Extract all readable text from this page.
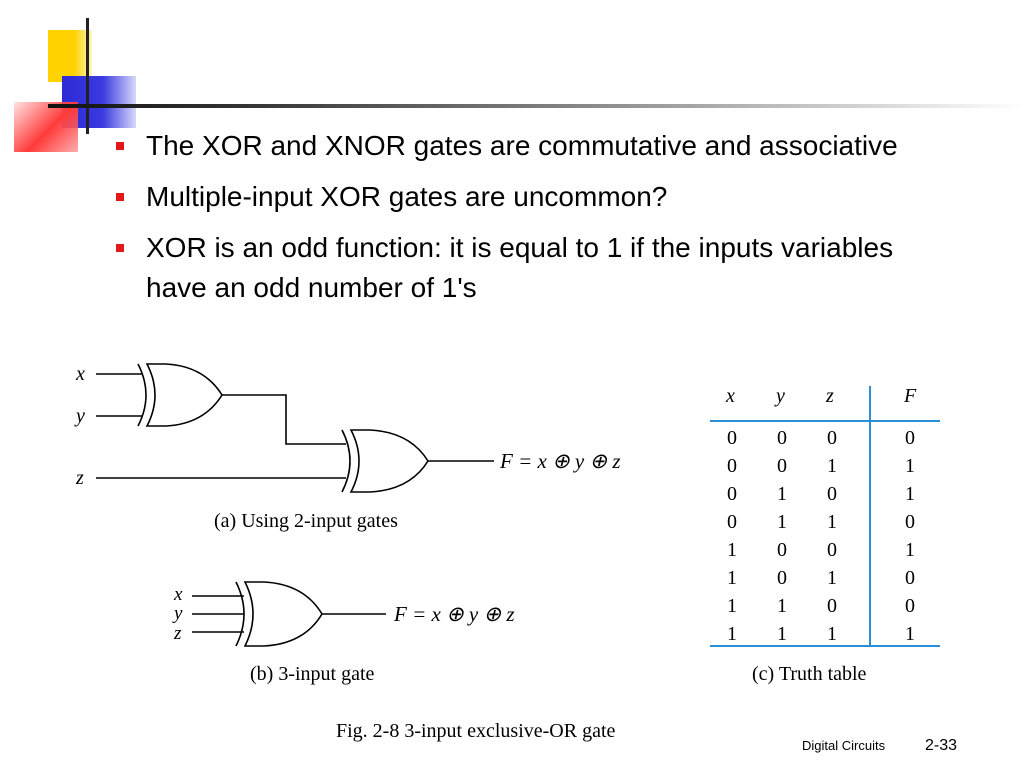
The XOR and XNOR gates are commutative and associative
Multiple-input XOR gates are uncommon?
XOR is an odd function: it is equal to 1 if the inputs variables have an odd number of 1's
x
y
z
F = x ⊕ y ⊕ z
(a) Using 2-input gates
x
y
z
F = x ⊕ y ⊕ z
(b) 3-input gate
x y z	F
0 0 0	0
0 0 1	1
0 1 0	1
0 1 1	0
1 0 0	1
1 0 1	0
1 1 0	0
1 1 1	1
(c) Truth table
Fig. 2-8 3-input exclusive-OR gate
Digital Circuits 2-33
